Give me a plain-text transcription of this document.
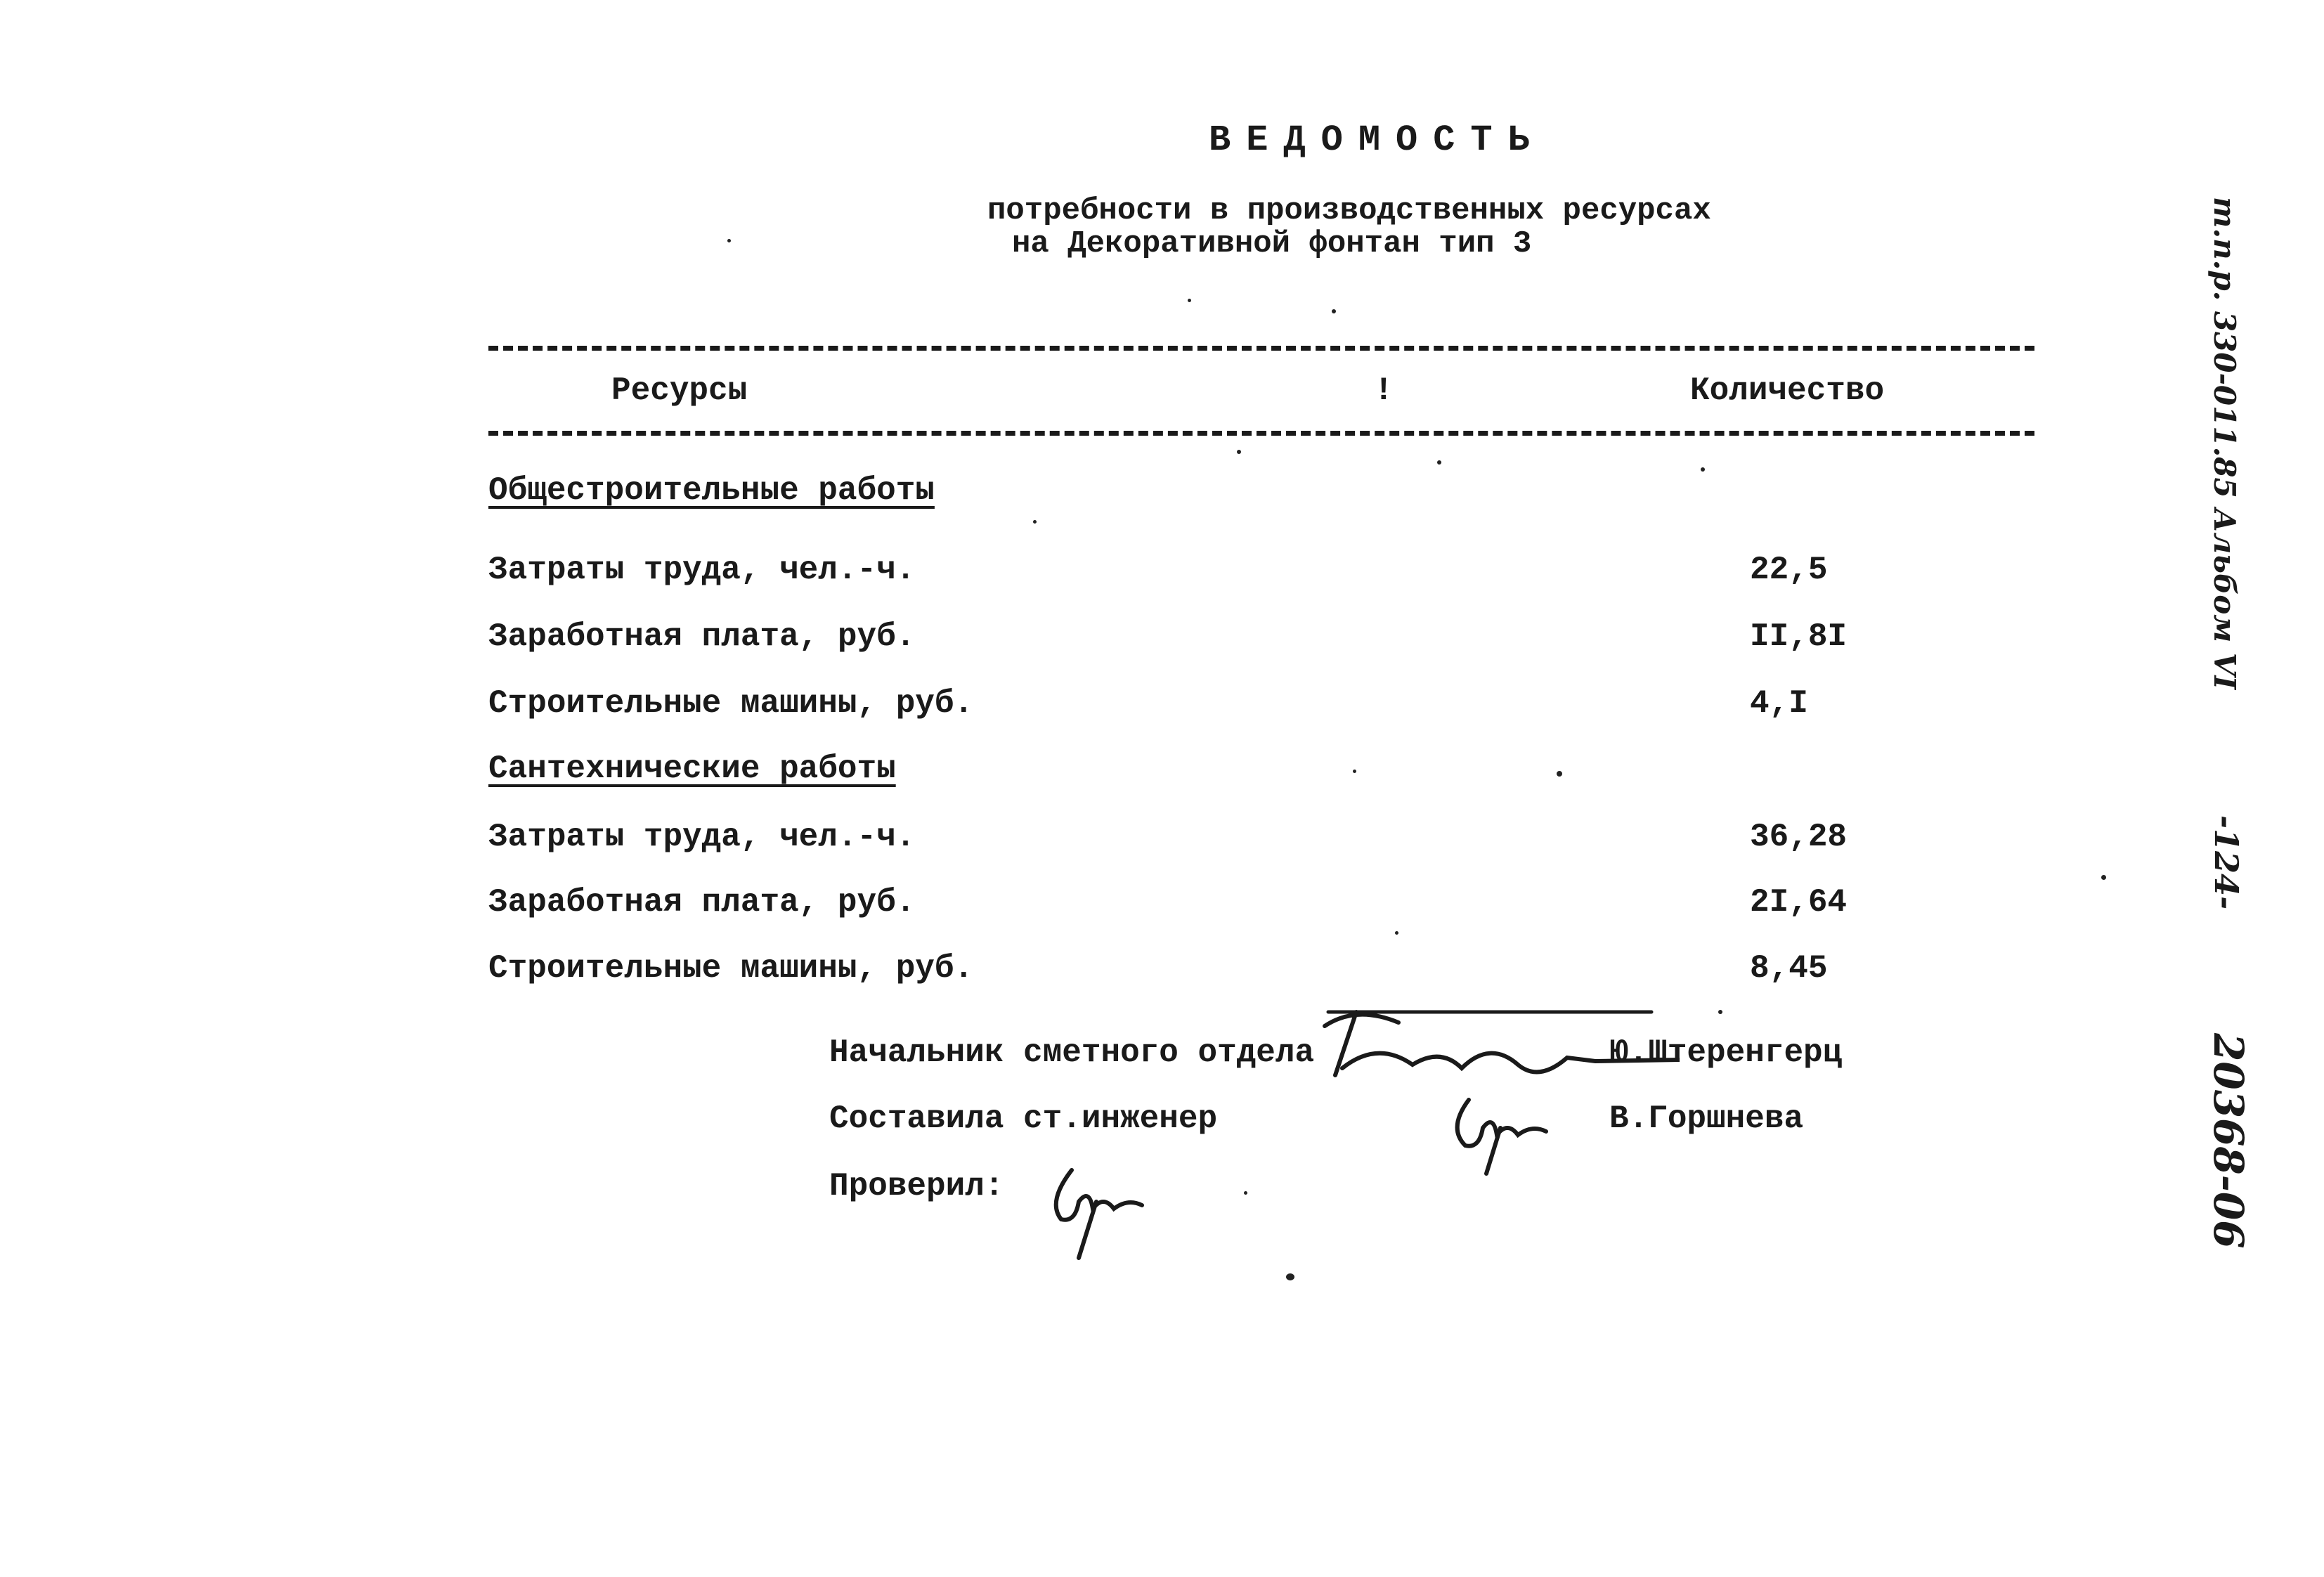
ВЕДОМОСТЬ
потребности в производственных ресурсах
на Декоративной фонтан тип 3
Ресурсы	!	Количество
Общестроительные работы
Затраты труда, чел.-ч.	22,5
Заработная плата, руб.	II,8I
Строительные машины, руб.	4,I
Сантехнические работы
Затраты труда, чел.-ч.	36,28
Заработная плата, руб.	2I,64
Строительные машины, руб.	8,45
Начальник сметного отдела	Ю.Штеренгерц
Составила ст.инженер	В.Горшнева
Проверил:
т.п.р. 330-011.85 Альбом VI
-124-
20368-06
